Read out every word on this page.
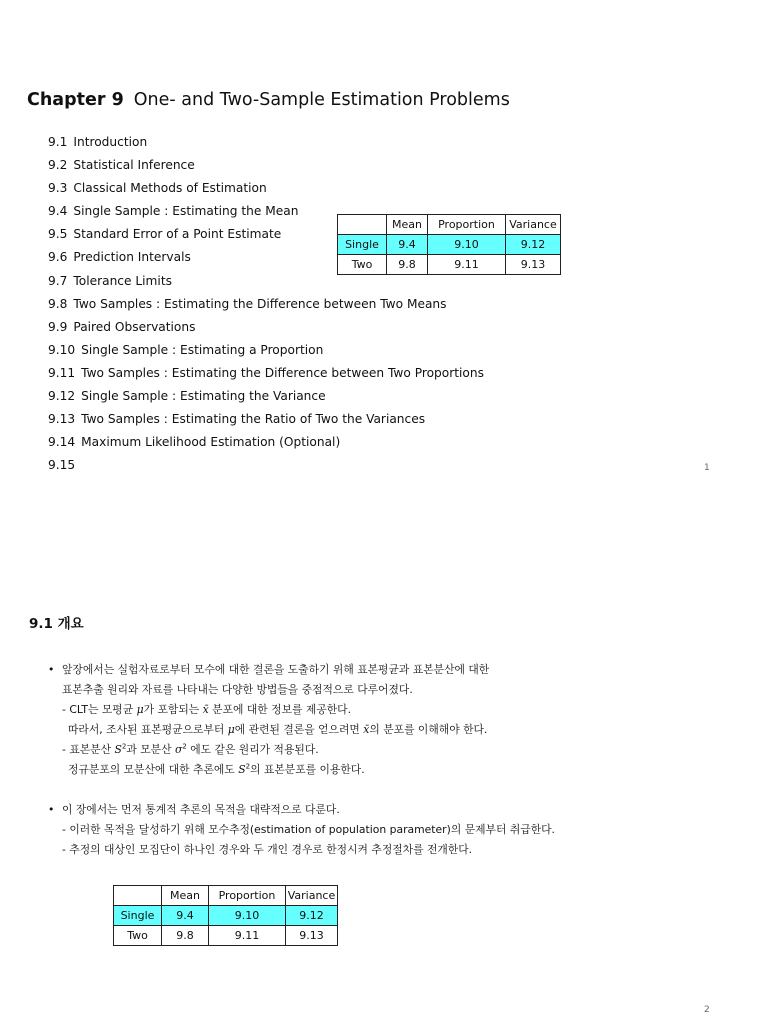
Chapter 9 One- and Two-Sample Estimation Problems
9.1 Introduction
9.2 Statistical Inference
9.3 Classical Methods of Estimation
9.4 Single Sample : Estimating the Mean
9.5 Standard Error of a Point Estimate
9.6 Prediction Intervals
9.7 Tolerance Limits
9.8 Two Samples : Estimating the Difference between Two Means
9.9 Paired Observations
9.10 Single Sample : Estimating a Proportion
9.11 Two Samples : Estimating the Difference between Two Proportions
9.12 Single Sample : Estimating the Variance
9.13 Two Samples : Estimating the Ratio of Two the Variances
9.14 Maximum Likelihood Estimation (Optional)
9.15
	Mean	Proportion	Variance
Single	9.4	9.10	9.12
Two	9.8	9.11	9.13
1
9.1 개요
• 앞장에서는 실험자료로부터 모수에 대한 결론을 도출하기 위해 표본평균과 표본분산에 대한
표본추출 원리와 자료를 나타내는 다양한 방법들을 중점적으로 다루어졌다.
- CLT는 모평균 μ가 포함되는 x̄ 분포에 대한 정보를 제공한다.
따라서, 조사된 표본평균으로부터 μ에 관련된 결론을 얻으려면 x̄의 분포를 이해해야 한다.
- 표본분산 $S^2$과 모분산 $\sigma^2$ 에도 같은 원리가 적용된다.
정규분포의 모분산에 대한 추론에도 $S^2$의 표본분포를 이용한다.
• 이 장에서는 먼저 통계적 추론의 목적을 대략적으로 다룬다.
- 이러한 목적을 달성하기 위해 모수추정(estimation of population parameter)의 문제부터 취급한다.
- 추정의 대상인 모집단이 하나인 경우와 두 개인 경우로 한정시켜 추정절차를 전개한다.
	Mean	Proportion	Variance
Single	9.4	9.10	9.12
Two	9.8	9.11	9.13
2
